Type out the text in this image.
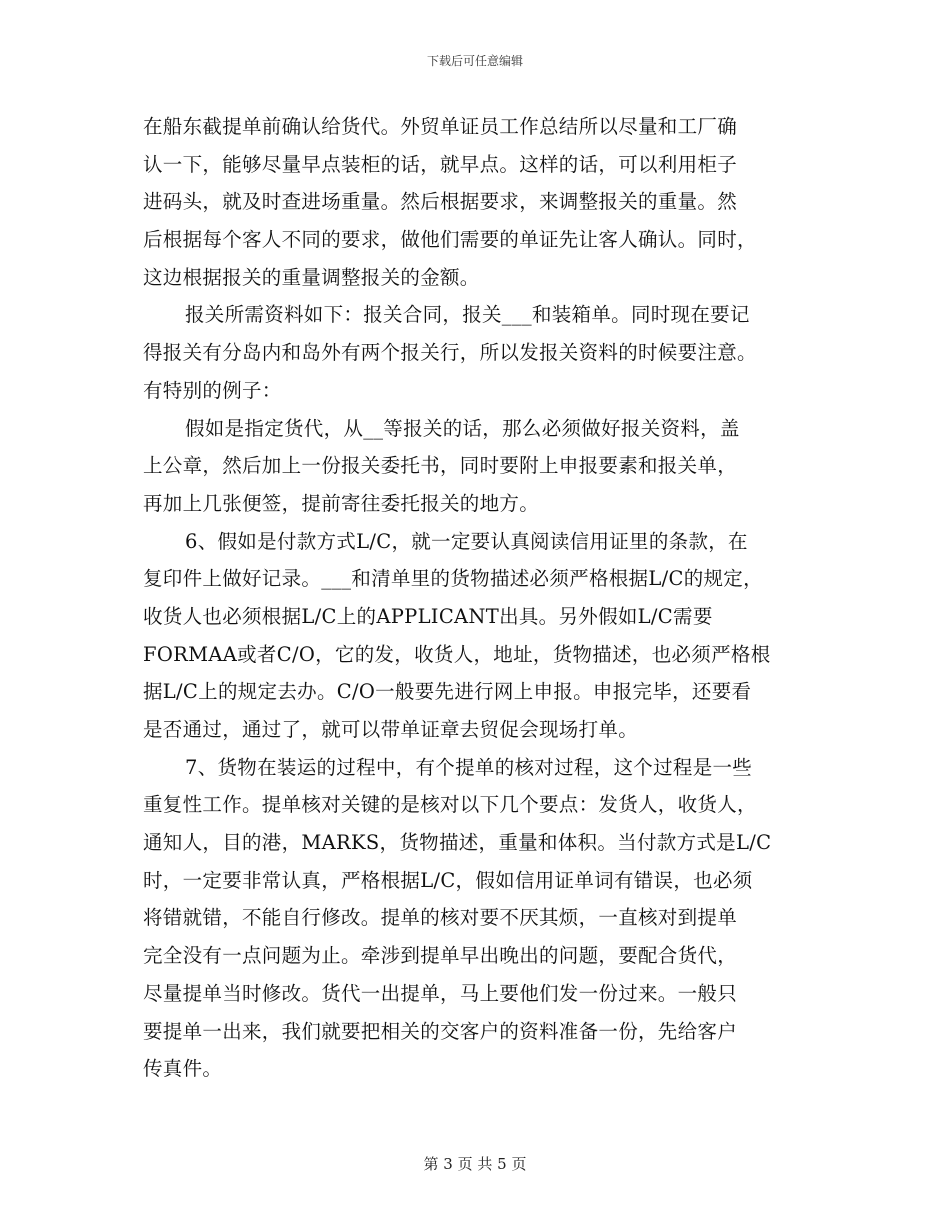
下载后可任意编辑
在船东截提单前确认给货代。外贸单证员工作总结所以尽量和工厂确
认一下，能够尽量早点装柜的话，就早点。这样的话，可以利用柜子
进码头，就及时查进场重量。然后根据要求，来调整报关的重量。然
后根据每个客人不同的要求，做他们需要的单证先让客人确认。同时，
这边根据报关的重量调整报关的金额。
报关所需资料如下：报关合同，报关___和装箱单。同时现在要记
得报关有分岛内和岛外有两个报关行，所以发报关资料的时候要注意。
有特别的例子：
假如是指定货代，从__等报关的话，那么必须做好报关资料，盖
上公章，然后加上一份报关委托书，同时要附上申报要素和报关单，
再加上几张便签，提前寄往委托报关的地方。
6、假如是付款方式L/C，就一定要认真阅读信用证里的条款，在
复印件上做好记录。___和清单里的货物描述必须严格根据L/C的规定，
收货人也必须根据L/C上的APPLICANT出具。另外假如L/C需要
FORMAA或者C/O，它的发，收货人，地址，货物描述，也必须严格根
据L/C上的规定去办。C/O一般要先进行网上申报。申报完毕，还要看
是否通过，通过了，就可以带单证章去贸促会现场打单。
7、货物在装运的过程中，有个提单的核对过程，这个过程是一些
重复性工作。提单核对关键的是核对以下几个要点：发货人，收货人，
通知人，目的港，MARKS，货物描述，重量和体积。当付款方式是L/C
时，一定要非常认真，严格根据L/C，假如信用证单词有错误，也必须
将错就错，不能自行修改。提单的核对要不厌其烦，一直核对到提单
完全没有一点问题为止。牵涉到提单早出晚出的问题，要配合货代，
尽量提单当时修改。货代一出提单，马上要他们发一份过来。一般只
要提单一出来，我们就要把相关的交客户的资料准备一份，先给客户
传真件。
第 3 页 共 5 页
